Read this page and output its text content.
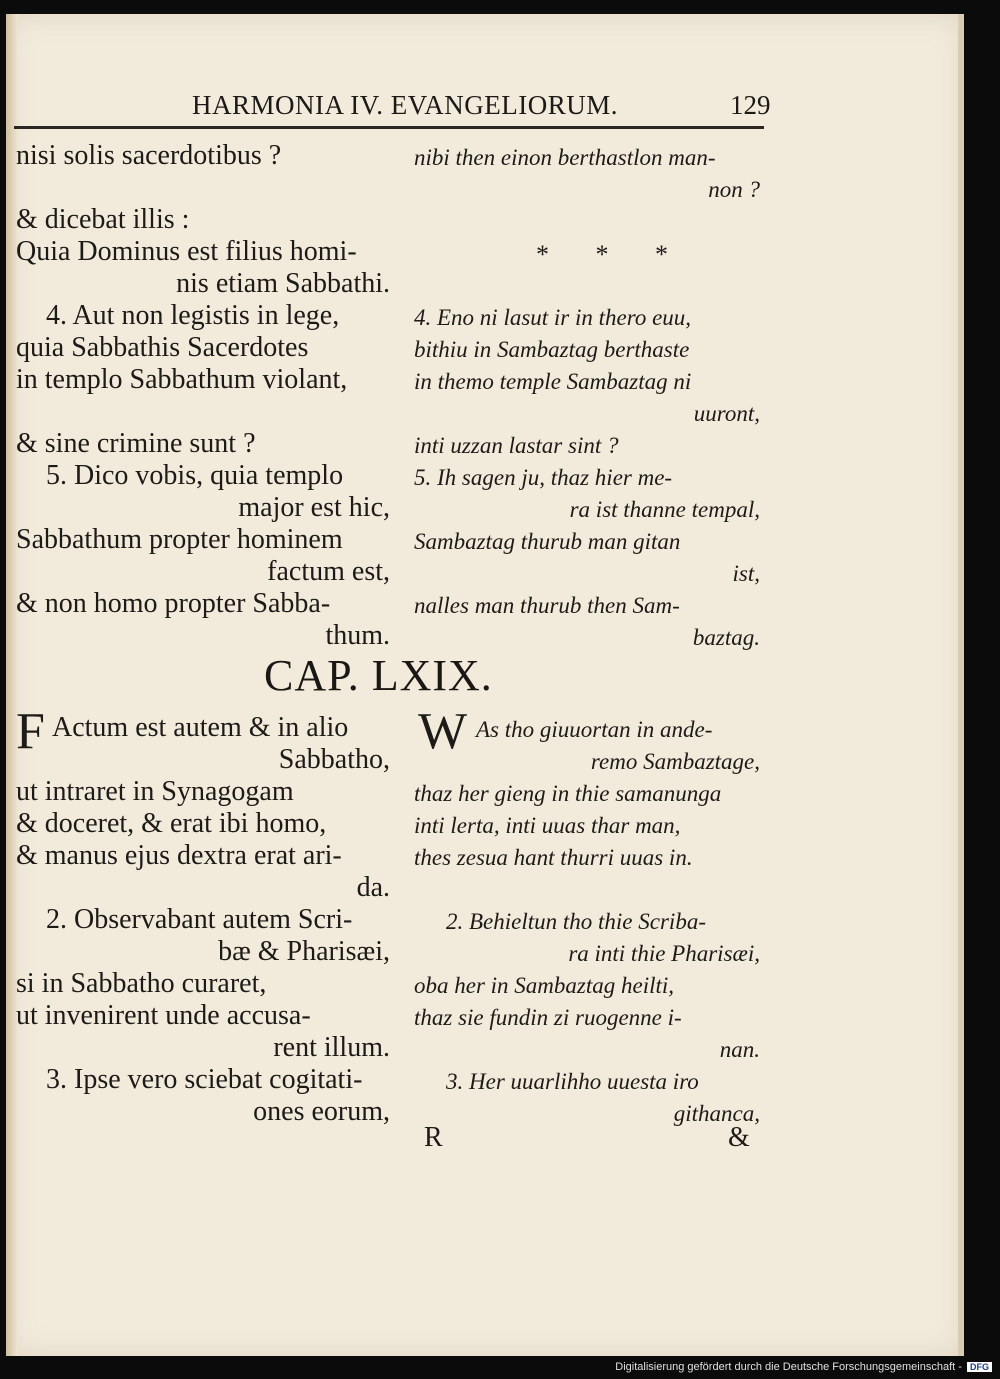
HARMONIA IV. EVANGELIORUM.	129
nisi solis sacerdotibus ?
& dicebat illis :
Quia Dominus est filius homi-
nis etiam Sabbathi.
4. Aut non legistis in lege,
quia Sabbathis Sacerdotes
in templo Sabbathum violant,
& sine crimine sunt ?
5. Dico vobis, quia templo
major est hic,
Sabbathum propter hominem
factum est,
& non homo propter Sabba-
thum.
nibi then einon berthastlon man-
non ?
* * *
4. Eno ni lasut ir in thero euu,
bithiu in Sambaztag berthaste
in themo temple Sambaztag ni
uuront,
inti uzzan lastar sint ?
5. Ih sagen ju, thaz hier me-
ra ist thanne tempal,
Sambaztag thurub man gitan
ist,
nalles man thurub then Sam-
baztag.
CAP. LXIX.
F Actum est autem & in alio
Sabbatho,
ut intraret in Synagogam
& doceret, & erat ibi homo,
& manus ejus dextra erat ari-
da.
2. Observabant autem Scri-
bæ & Pharisæi,
si in Sabbatho curaret,
ut invenirent unde accusa-
rent illum.
3. Ipse vero sciebat cogitati-
ones eorum,
W As tho giuuortan in ande-
remo Sambaztage,
thaz her gieng in thie samanunga
inti lerta, inti uuas thar man,
thes zesua hant thurri uuas in.
2. Behieltun tho thie Scriba-
ra inti thie Pharisæi,
oba her in Sambaztag heilti,
thaz sie fundin zi ruogenne i-
nan.
3. Her uuarlihho uuesta iro
githanca,
R	&
Digitalisierung gefördert durch die Deutsche Forschungsgemeinschaft - DFG
